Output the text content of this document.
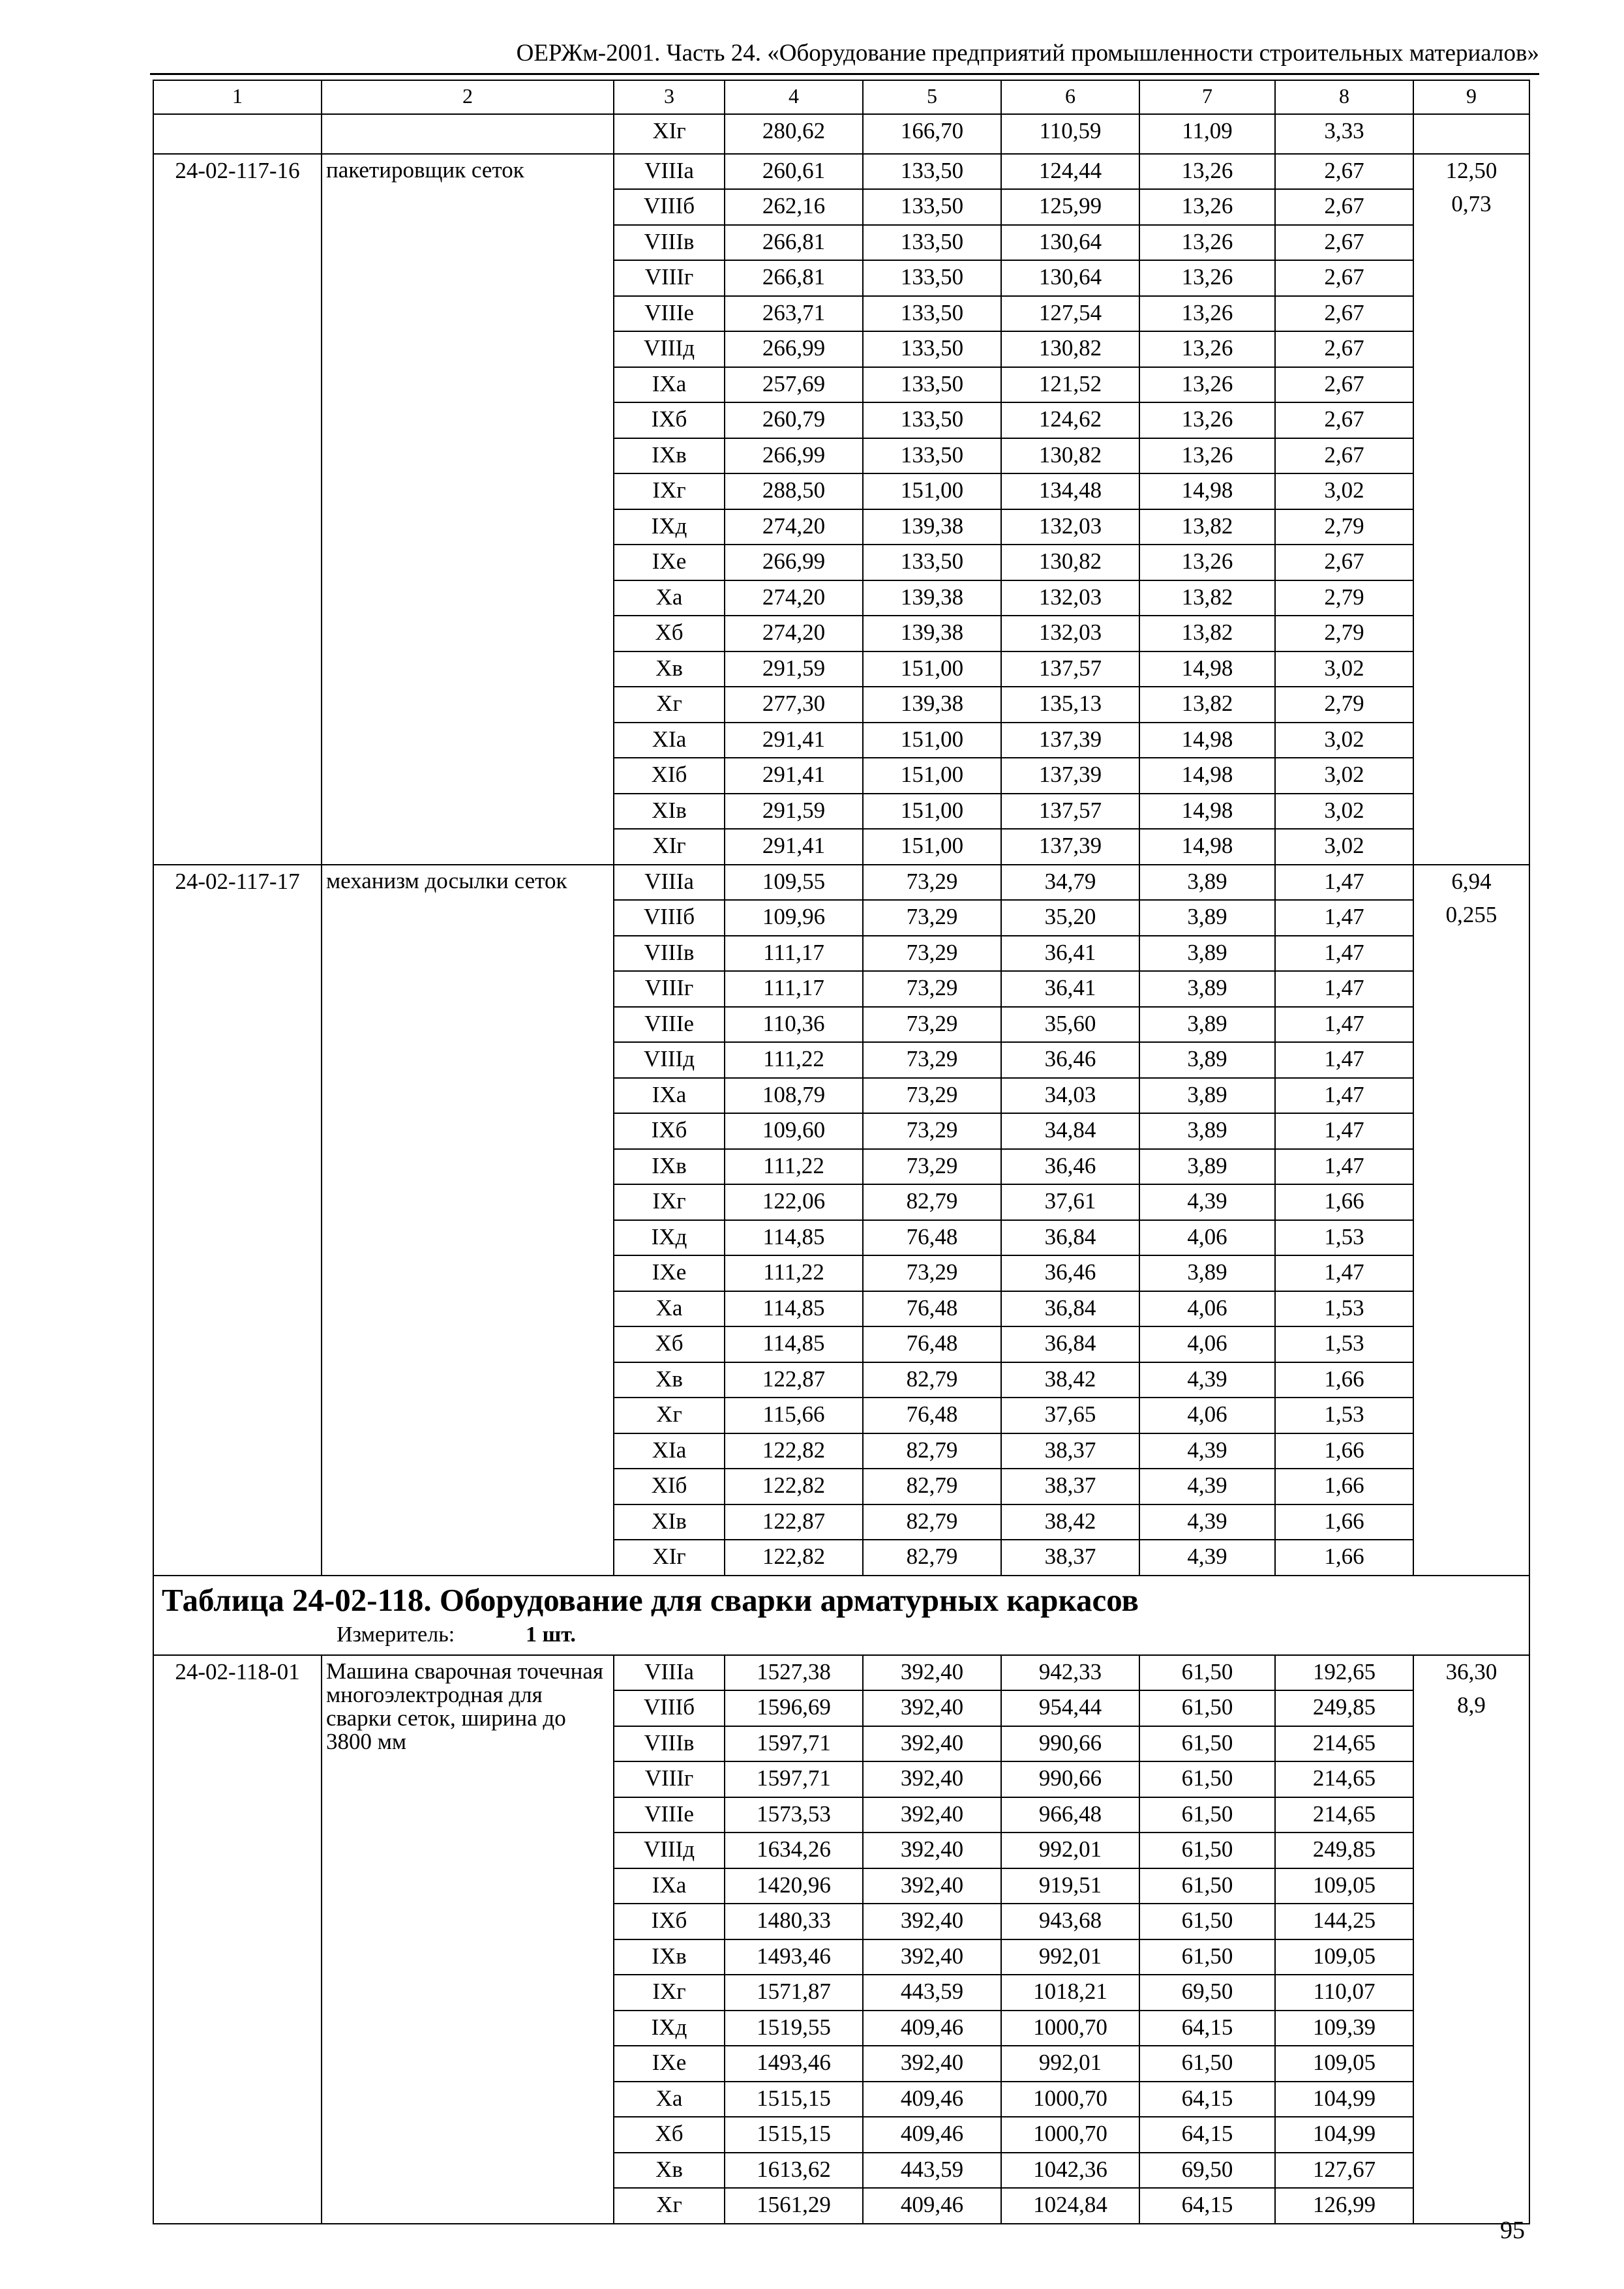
ОЕРЖм-2001. Часть 24. «Оборудование предприятий промышленности строительных материалов»
1	2	3	4	5	6	7	8	9
		XIг	280,62	166,70	110,59	11,09	3,33	

24-02-117-16	пакетировщик сеток	VIIIа	260,61	133,50	124,44	13,26	2,67	12,50
0,73

		VIIIб	262,16	133,50	125,99	13,26	2,67	
		VIIIв	266,81	133,50	130,64	13,26	2,67	
		VIIIг	266,81	133,50	130,64	13,26	2,67	
		VIIIе	263,71	133,50	127,54	13,26	2,67	
		VIIIд	266,99	133,50	130,82	13,26	2,67	
		IXа	257,69	133,50	121,52	13,26	2,67	
		IXб	260,79	133,50	124,62	13,26	2,67	
		IXв	266,99	133,50	130,82	13,26	2,67	
		IXг	288,50	151,00	134,48	14,98	3,02	
		IXд	274,20	139,38	132,03	13,82	2,79	
		IXе	266,99	133,50	130,82	13,26	2,67	
		Xа	274,20	139,38	132,03	13,82	2,79	
		Xб	274,20	139,38	132,03	13,82	2,79	
		Xв	291,59	151,00	137,57	14,98	3,02	
		Xг	277,30	139,38	135,13	13,82	2,79	
		XIа	291,41	151,00	137,39	14,98	3,02	
		XIб	291,41	151,00	137,39	14,98	3,02	
		XIв	291,59	151,00	137,57	14,98	3,02	
		XIг	291,41	151,00	137,39	14,98	3,02	
24-02-117-17	механизм досылки сеток	VIIIа	109,55	73,29	34,79	3,89	1,47	6,94
0,255

		VIIIб	109,96	73,29	35,20	3,89	1,47	
		VIIIв	111,17	73,29	36,41	3,89	1,47	
		VIIIг	111,17	73,29	36,41	3,89	1,47	
		VIIIе	110,36	73,29	35,60	3,89	1,47	
		VIIIд	111,22	73,29	36,46	3,89	1,47	
		IXа	108,79	73,29	34,03	3,89	1,47	
		IXб	109,60	73,29	34,84	3,89	1,47	
		IXв	111,22	73,29	36,46	3,89	1,47	
		IXг	122,06	82,79	37,61	4,39	1,66	
		IXд	114,85	76,48	36,84	4,06	1,53	
		IXе	111,22	73,29	36,46	3,89	1,47	
		Xа	114,85	76,48	36,84	4,06	1,53	
		Xб	114,85	76,48	36,84	4,06	1,53	
		Xв	122,87	82,79	38,42	4,39	1,66	
		Xг	115,66	76,48	37,65	4,06	1,53	
		XIа	122,82	82,79	38,37	4,39	1,66	
		XIб	122,82	82,79	38,37	4,39	1,66	
		XIв	122,87	82,79	38,42	4,39	1,66	
		XIг	122,82	82,79	38,37	4,39	1,66	

Таблица 24-02-118. Оборудование для сварки арматурных каркасов
Измеритель: 1 шт.								

24-02-118-01	Машина сварочная точечная многоэлектродная для сварки сеток, ширина до 3800 мм	VIIIа	1527,38	392,40	942,33	61,50	192,65	36,30
8,9

		VIIIб	1596,69	392,40	954,44	61,50	249,85	
		VIIIв	1597,71	392,40	990,66	61,50	214,65	
		VIIIг	1597,71	392,40	990,66	61,50	214,65	
		VIIIе	1573,53	392,40	966,48	61,50	214,65	
		VIIIд	1634,26	392,40	992,01	61,50	249,85	
		IXа	1420,96	392,40	919,51	61,50	109,05	
		IXб	1480,33	392,40	943,68	61,50	144,25	
		IXв	1493,46	392,40	992,01	61,50	109,05	
		IXг	1571,87	443,59	1018,21	69,50	110,07	
		IXд	1519,55	409,46	1000,70	64,15	109,39	
		IXе	1493,46	392,40	992,01	61,50	109,05	
		Xа	1515,15	409,46	1000,70	64,15	104,99	
		Xб	1515,15	409,46	1000,70	64,15	104,99	
		Xв	1613,62	443,59	1042,36	69,50	127,67	
		Xг	1561,29	409,46	1024,84	64,15	126,99	
95
